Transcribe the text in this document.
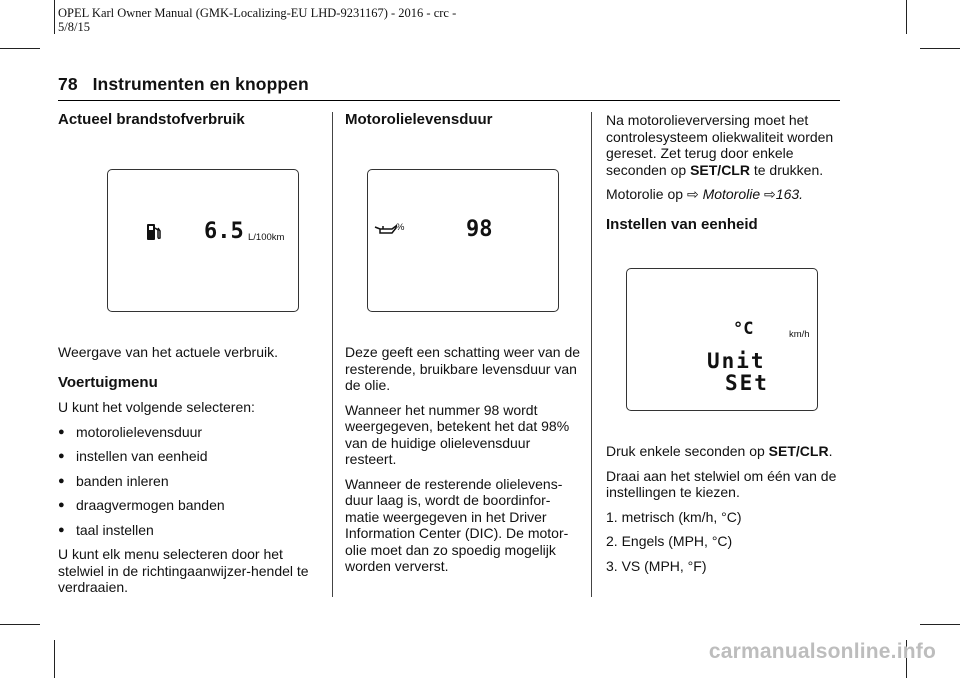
OPEL Karl Owner Manual (GMK-Localizing-EU LHD-9231167) - 2016 - crc -
5/8/15
78 Instrumenten en knoppen
Actueel brandstofverbruik
6.5 L/100km

Weergave van het actuele verbruik.

Voertuigmenu

U kunt het volgende selecteren:

● motorolielevensduur
● instellen van eenheid
● banden inleren
● draagvermogen banden
● taal instellen

U kunt elk menu selecteren door het stelwiel in de richtingaanwijzer-hendel te verdraaien.

Motorolielevensduur
%	98

Deze geeft een schatting weer van de resterende, bruikbare levensduur van de olie.

Wanneer het nummer 98 wordt weergegeven, betekent het dat 98% van de huidige olielevensduur resteert.

Wanneer de resterende olielevens-duur laag is, wordt de boordinfor-matie weergegeven in het Driver Information Center (DIC). De motor-olie moet dan zo spoedig mogelijk worden ververst.

Na motorolieverversing moet het controlesysteem oliekwaliteit worden gereset. Zet terug door enkele seconden op SET/CLR te drukken.

Motorolie op ⇨ Motorolie ⇨163.

Instellen van eenheid
°C	km/h
Unit
SEt

Druk enkele seconden op SET/CLR.

Draai aan het stelwiel om één van de instellingen te kiezen.

1. metrisch (km/h, °C)

2. Engels (MPH, °C)

3. VS (MPH, °F)

carmanualsonline.info
